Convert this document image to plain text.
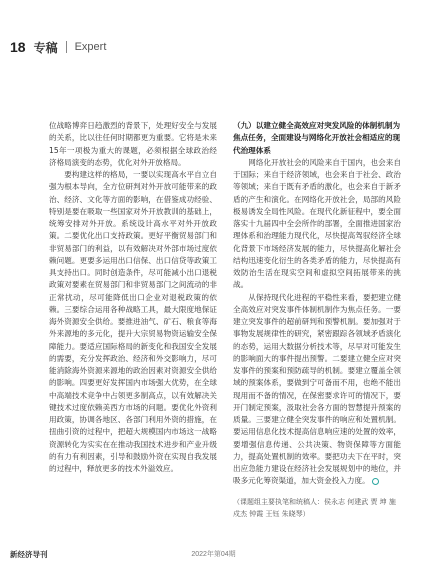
18 专稿 Expert

位战略博弈日趋激烈的背景下，处理好安全与发展的关系，比以往任何时期都更为重要。它将是未来15年一项极为重大的课题，必须根据全球政治经济格局演变的态势，优化对外开放格局。

要构建这样的格局，一要以实现高水平自立自强为根本导向，全方位研判对外开放可能带来的政治、经济、文化等方面的影响，在借鉴成功经验、特别是要在吸取一些国家对外开放教训的基础上，统筹安排对外开放。系统设计高水平对外开放政策。二要优化出口支持政策。更好平衡贸易部门和非贸易部门的利益，以有效解决对外部市场过度依赖问题。更要多运用出口信保、出口信贷等政策工具支持出口。同时创造条件，尽可能减小出口退税政策对要素在贸易部门和非贸易部门之间流动的非正常扰动，尽可能降低出口企业对退税政策的依赖。三要综合运用各种战略工具，最大限度地保证海外资源安全供给。要推进油气、矿石、粮食等海外来源地的多元化，提升大宗贸易物资运输安全保障能力。要适应国际格局的新变化和我国安全发展的需要，充分发挥政治、经济和外交影响力，尽可能消除海外资源来源地的政治因素对资源安全供给的影响。四要更好发挥国内市场强大优势，在全球中高端技术竞争中占领更多制高点，以有效解决关键技术过度依赖美西方市场的问题。要优化外资利用政策，协调各地区、各部门利用外资的措施，在扭曲引资的过程中，把超大规模国内市场这一战略资源转化为实实在在推动我国技术进步和产业升级的有力有利因素，引导和鼓励外资在实现自我发展的过程中，释放更多的技术外溢效应。

（九）以建立健全高效应对突发风险的体制机制为焦点任务，全面建设与网络化开放社会相适应的现代治理体系

网络化开放社会的风险来自于国内，也会来自于国际；来自于经济领域，也会来自于社会、政治等领域；来自于既有矛盾的激化，也会来自于新矛盾的产生和演化。在网络化开放社会，局部的风险极易诱发全局性风险。在现代化新征程中，要全面落实十九届四中全会所作的部署，全面推进国家治理体系和治理能力现代化，尽快提高驾驭经济全球化背景下市场经济发展的能力，尽快提高化解社会结构迅速变化衍生的各类矛盾的能力，尽快提高有效防治生活在现实空间和虚拟空间拓展带来的挑战。

从保持现代化进程的平稳性来看，要把建立健全高效应对突发事件体制机制作为焦点任务。一要建立突发事件的超前研判和预警机制。要加强对于事物发展规律性的研究，紧密跟踪各领域矛盾演化的态势，运用大数据分析技术等，尽早对可能发生的影响面大的事件提出预警。二要建立健全应对突发事件的预案和预防疏导的机制。要建立覆盖全领域的预案体系，要做到宁可备而不用，也绝不能出现用而不备的情况，在保密要求许可的情况下，要开门制定预案，汲取社会各方面的智慧提升预案的质量。三要建立健全突发事件的响应和处置机制。要运用信息化技术提高信息响应速的处置的效率，要增强信息传递、公共决策、物资保障等方面能力，提高处置机制的效率。要把功夫下在平时，突出应急能力建设在经济社会发展规划中的地位，并吸多元化筹资渠道，加大资金投入力度。

（课题组主要执笔和统稿人：侯永志 何建武 贾 坤 施戍杰 钟霞 王钰 朱晓琴）
新经济导刊	2022年第04期
